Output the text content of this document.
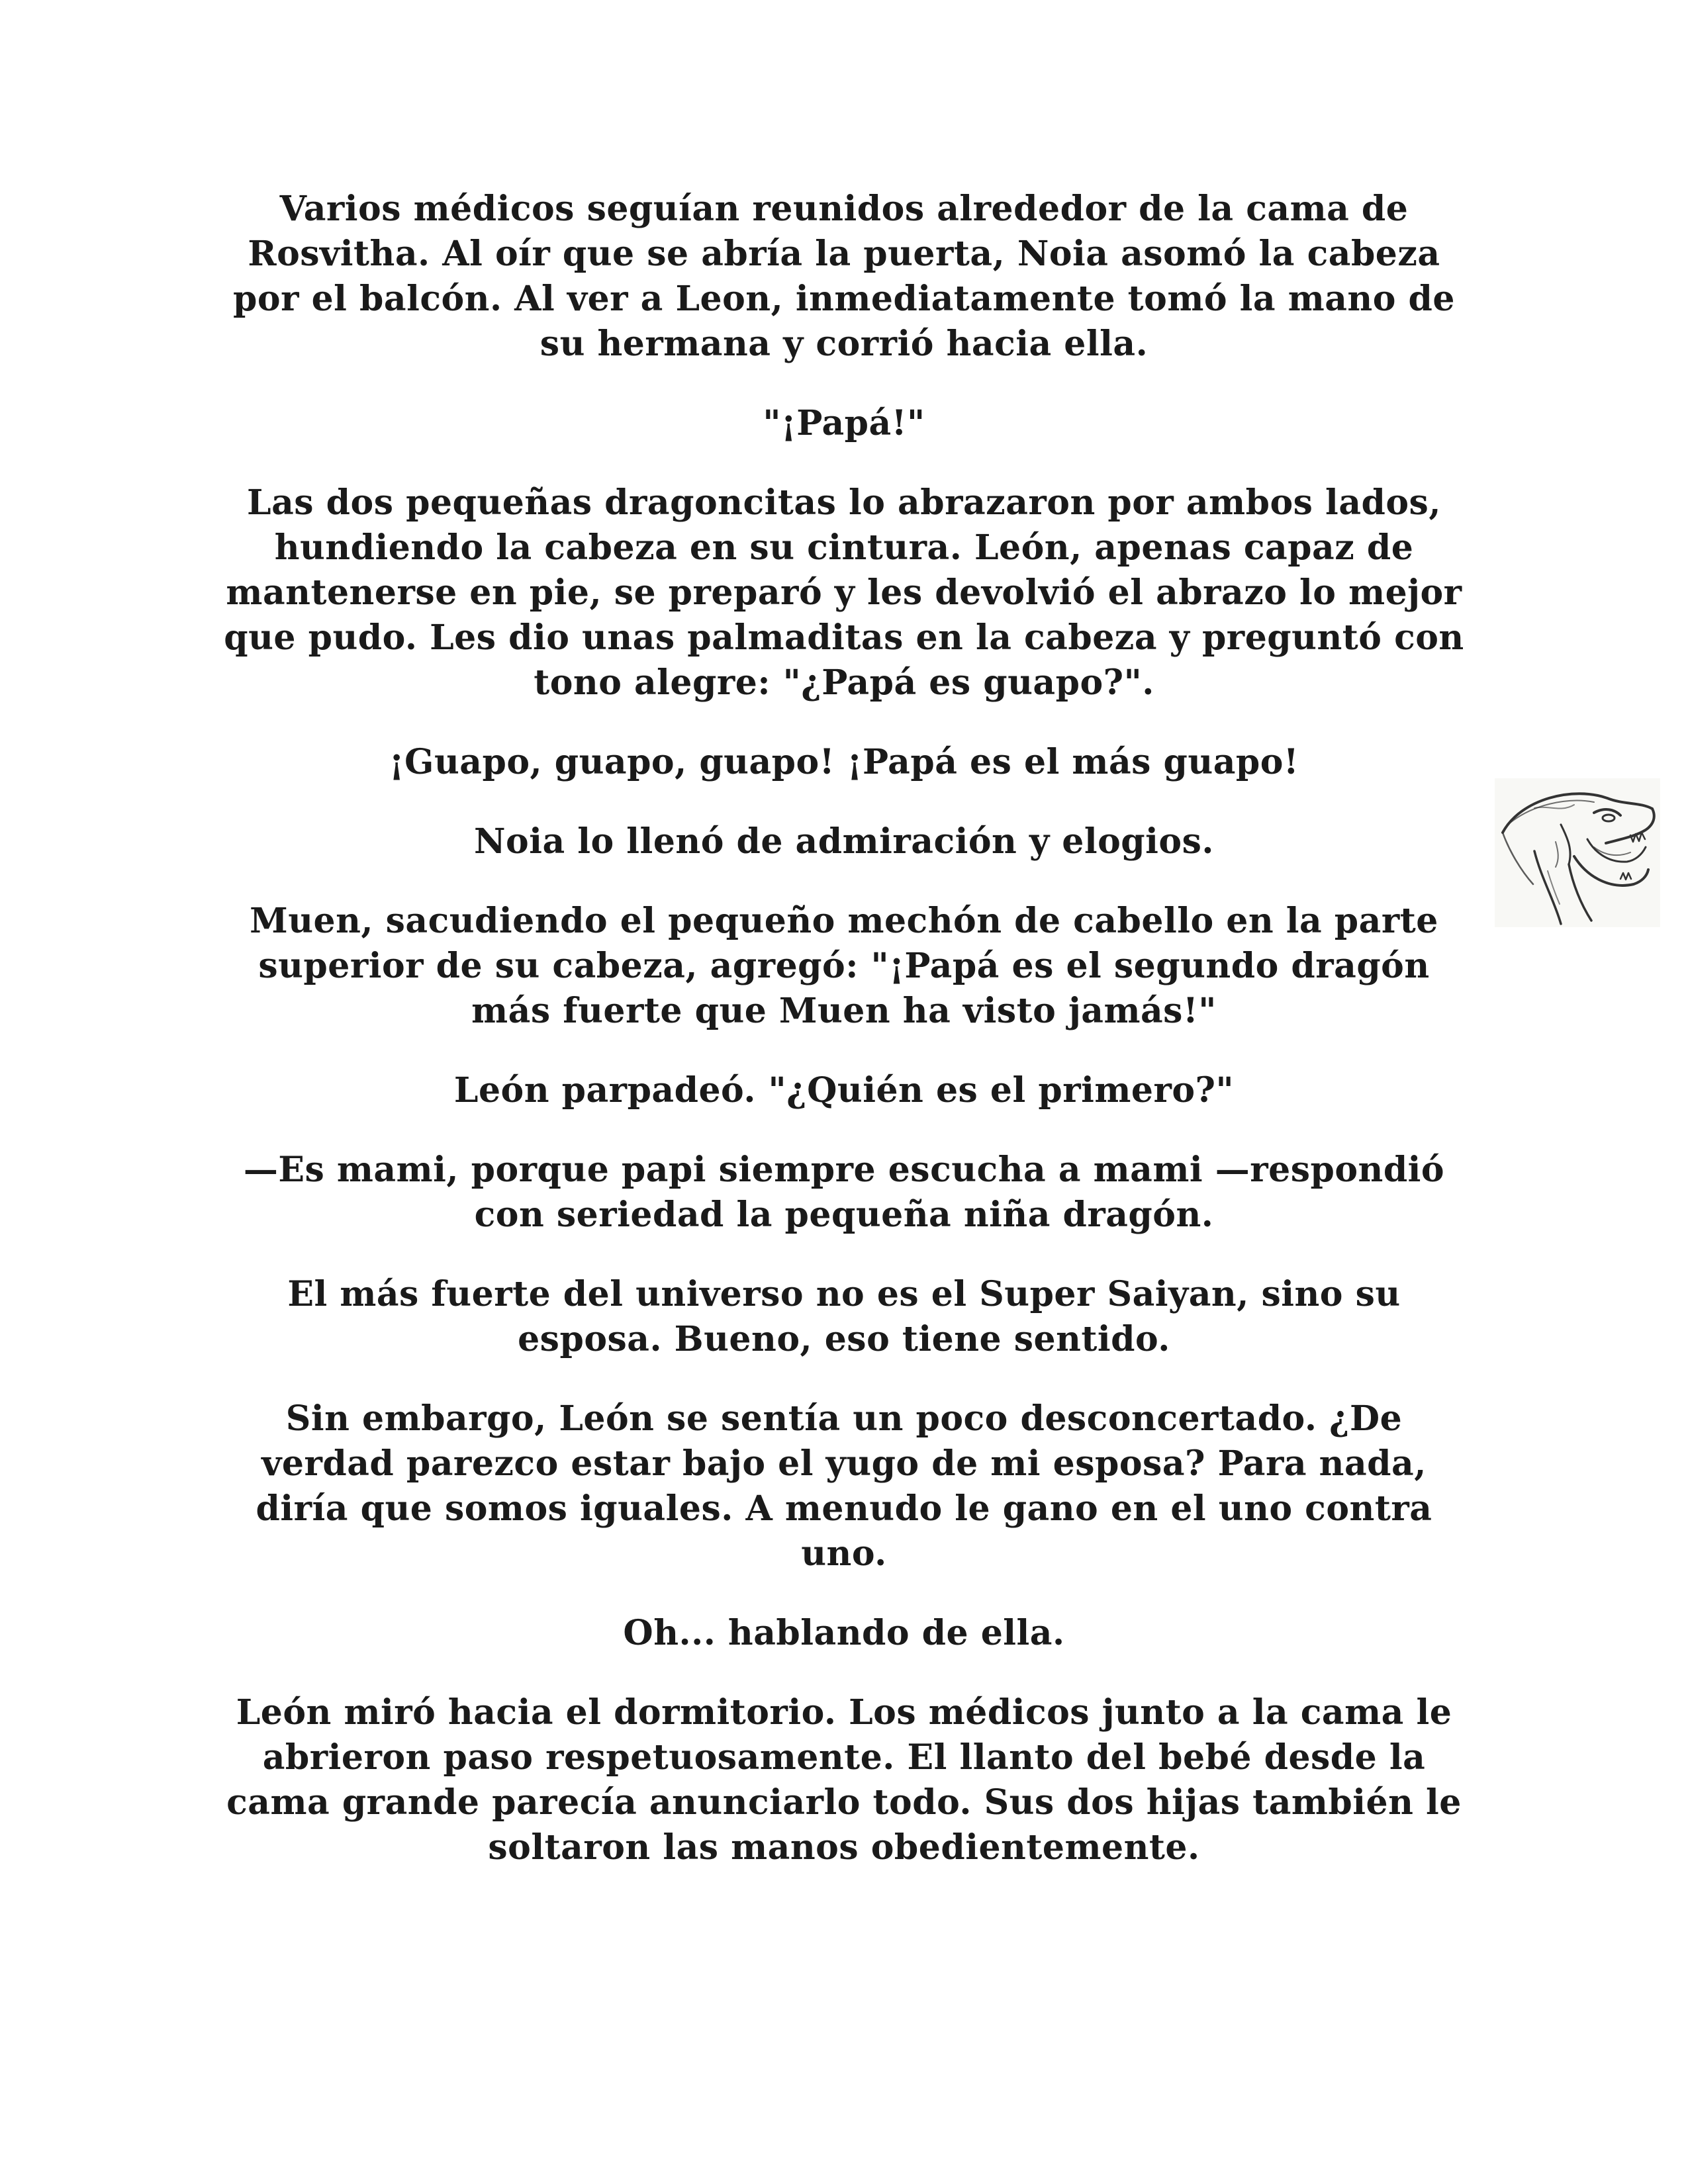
Varios médicos seguían reunidos alrededor de la cama de Rosvitha. Al oír que se abría la puerta, Noia asomó la cabeza por el balcón. Al ver a Leon, inmediatamente tomó la mano de su hermana y corrió hacia ella.

"¡Papá!"

Las dos pequeñas dragoncitas lo abrazaron por ambos lados, hundiendo la cabeza en su cintura. León, apenas capaz de mantenerse en pie, se preparó y les devolvió el abrazo lo mejor que pudo. Les dio unas palmaditas en la cabeza y preguntó con tono alegre: "¿Papá es guapo?".

¡Guapo, guapo, guapo! ¡Papá es el más guapo!

Noia lo llenó de admiración y elogios.

Muen, sacudiendo el pequeño mechón de cabello en la parte superior de su cabeza, agregó: "¡Papá es el segundo dragón más fuerte que Muen ha visto jamás!"

León parpadeó. "¿Quién es el primero?"

—Es mami, porque papi siempre escucha a mami —respondió con seriedad la pequeña niña dragón.

El más fuerte del universo no es el Super Saiyan, sino su esposa. Bueno, eso tiene sentido.

Sin embargo, León se sentía un poco desconcertado. ¿De verdad parezco estar bajo el yugo de mi esposa? Para nada, diría que somos iguales. A menudo le gano en el uno contra uno.

Oh... hablando de ella.

León miró hacia el dormitorio. Los médicos junto a la cama le abrieron paso respetuosamente. El llanto del bebé desde la cama grande parecía anunciarlo todo. Sus dos hijas también le soltaron las manos obedientemente.
